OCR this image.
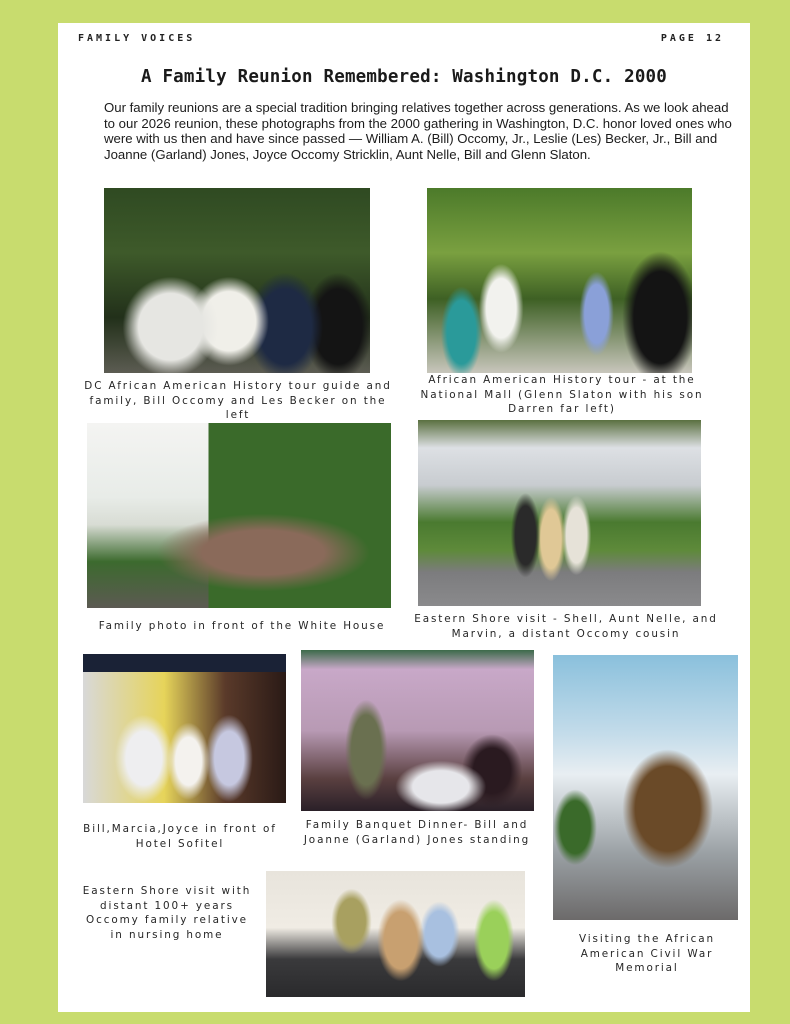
FAMILY VOICES	PAGE 12
A Family Reunion Remembered: Washington D.C. 2000
Our family reunions are a special tradition bringing relatives together across generations. As we look ahead to our 2026 reunion, these photographs from the 2000 gathering in Washington, D.C. honor loved ones who were with us then and have since passed — William A. (Bill) Occomy, Jr., Leslie (Les) Becker, Jr., Bill and Joanne (Garland) Jones, Joyce Occomy Stricklin, Aunt Nelle, Bill and Glenn Slaton.
DC African American History tour guide and family, Bill Occomy and Les Becker on the left
African American History tour - at the National Mall (Glenn Slaton with his son Darren far left)
Family photo in front of the White House
Eastern Shore visit - Shell, Aunt Nelle, and Marvin, a distant Occomy cousin
Bill,Marcia,Joyce in front of Hotel Sofitel
Family Banquet Dinner- Bill and Joanne (Garland) Jones standing
Visiting the African American Civil War Memorial
Eastern Shore visit with distant 100+ years Occomy family relative in nursing home
